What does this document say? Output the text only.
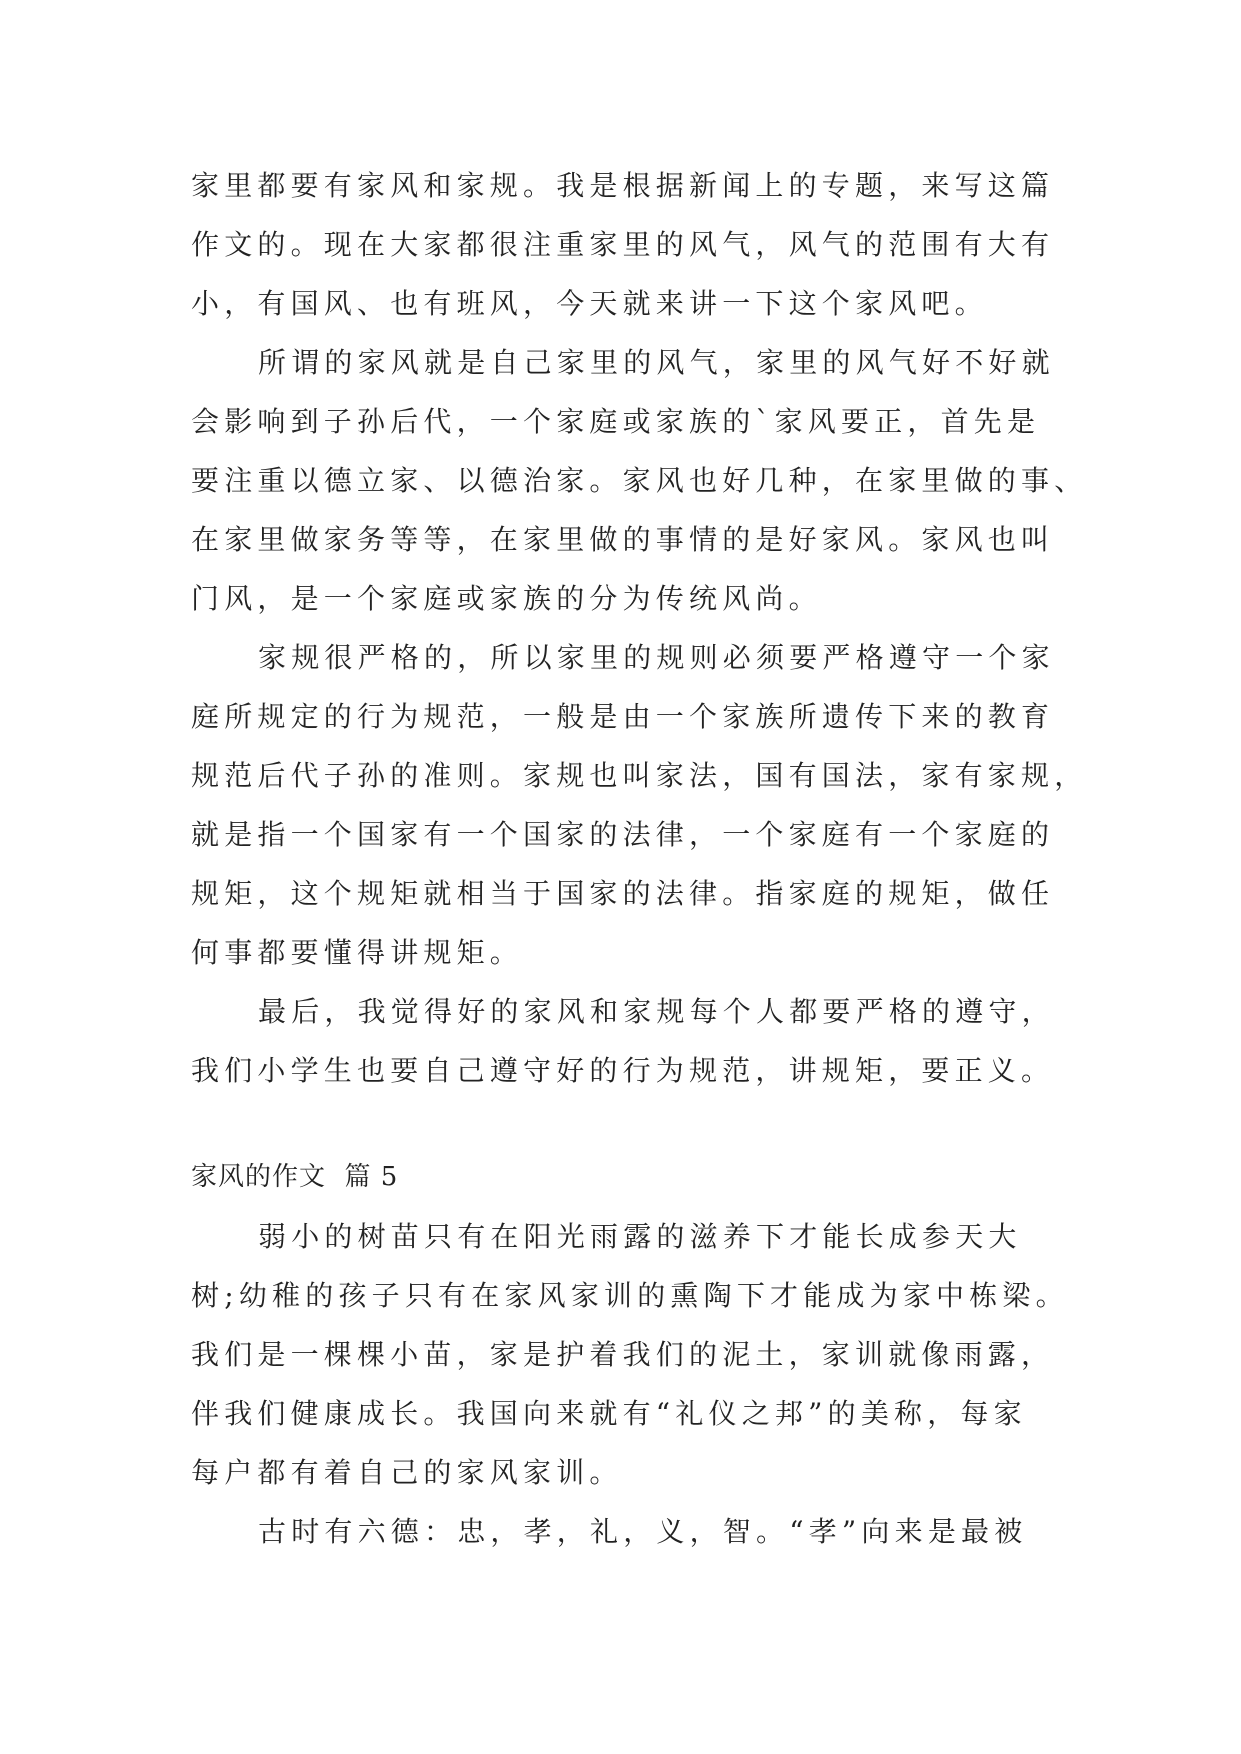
家里都要有家风和家规。我是根据新闻上的专题，来写这篇
作文的。现在大家都很注重家里的风气，风气的范围有大有
小，有国风、也有班风，今天就来讲一下这个家风吧。
所谓的家风就是自己家里的风气，家里的风气好不好就
会影响到子孙后代，一个家庭或家族的`家风要正，首先是
要注重以德立家、以德治家。家风也好几种，在家里做的事、
在家里做家务等等，在家里做的事情的是好家风。家风也叫
门风，是一个家庭或家族的分为传统风尚。
家规很严格的，所以家里的规则必须要严格遵守一个家
庭所规定的行为规范，一般是由一个家族所遗传下来的教育
规范后代子孙的准则。家规也叫家法，国有国法，家有家规，
就是指一个国家有一个国家的法律，一个家庭有一个家庭的
规矩，这个规矩就相当于国家的法律。指家庭的规矩，做任
何事都要懂得讲规矩。
最后，我觉得好的家风和家规每个人都要严格的遵守，
我们小学生也要自己遵守好的行为规范，讲规矩，要正义。
家风的作文  篇 5
弱小的树苗只有在阳光雨露的滋养下才能长成参天大
树;幼稚的孩子只有在家风家训的熏陶下才能成为家中栋梁。
我们是一棵棵小苗，家是护着我们的泥土，家训就像雨露，
伴我们健康成长。我国向来就有“礼仪之邦”的美称，每家
每户都有着自己的家风家训。
古时有六德：忠，孝，礼，义，智。“孝”向来是最被
